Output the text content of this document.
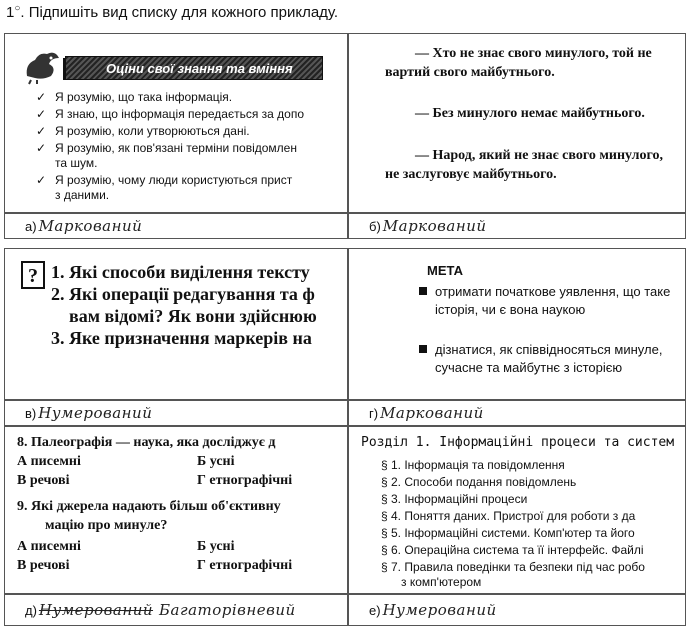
1○. Підпишіть вид списку для кожного прикладу.
Оціни свої знання та вміння
✓ Я розумію, що така інформація.
✓ Я знаю, що інформація передається за допо
✓ Я розумію, коли утворюються дані.
✓ Я розумію, як пов'язані терміни повідомлен
та шум.
✓ Я розумію, чому люди користуються прист
з даними.
а) Маркований
— Хто не знає свого минулого, той не вартий свого майбутнього.
— Без минулого немає майбутнього.
— Народ, який не знає свого минулого, не заслуговує майбутнього.
б) Маркований
? 1. Які способи виділення тексту
2. Які операції редагування та ф
вам відомі? Як вони здійснюю
3. Яке призначення маркерів на
в) Нумерований
МЕТА
отримати початкове уявлення, що таке історія, чи є вона наукою
дізнатися, як співвідносяться минуле, сучасне та майбутнє з історією
г) Маркований
8. Палеографія — наука, яка досліджує д
А писемні	Б усні
В речові	Г етнографічні
9. Які джерела надають більш об'єктивну
мацію про минуле?
А писемні	Б усні
В речові	Г етнографічні
д) Нумерований Багаторівневий
Розділ 1. Інформаційні процеси та систем
§ 1. Інформація та повідомлення
§ 2. Способи подання повідомлень
§ 3. Інформаційні процеси
§ 4. Поняття даних. Пристрої для роботи з да
§ 5. Інформаційні системи. Комп'ютер та його
§ 6. Операційна система та її інтерфейс. Файлі
§ 7. Правила поведінки та безпеки під час робо
з комп'ютером
е) Нумерований
